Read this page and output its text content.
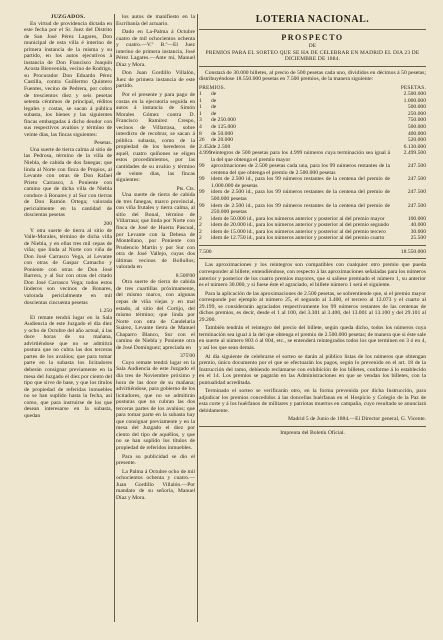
JUZGADOS.

En virtud de providencia dictada en este fecha por el Sr. Juez del Distrito de San José Pérez Lagares, Don municipal de esta villa é interino de primera instancia de la misma y su partido, en los autos ejecutivos á instancia de Don Francisco Joaquín Acosta Bienvenida, vecino de Rodrigo, su Procurador Don Eduardo Pérez Castilla, contra Guillermo Quintero Fuentes, vecino de Pedrera, por cobro de trescientos diez y seis pesetas setenta céntimos de principal, réditos legales y costas, se sacan á pública subasta, los bienes y las siguientes fincas embargadas á dicho deudor con sus respectivos avalúos y término de veinte días, las fincas siguientes:

Pesetas.

Una suerte de tierra calma al sitio de las Pedrosa, término de la villa de Niebla, de cabida de dos fanegas; que linda al Norte con finca de Propios, al Levante con otras de Don Rafael Prieto Carrasco, á Poniente con camino que de dicha villa de Niebla conduce á Bonares y al Sur con tierras de Don Ramón Ortega; valorada pericialmente en la cantidad de doscientas pesetas

200

Y otra suerte de tierra al sitio de Valle-Morales, término de dicha villa de Niebla, y en ellas tres mil cepas de viña; que linda al Norte con viña de Don José Carrasco Vega, al Levante con otras de Gaspar Camacho y Poniente con otras de Don José Barrera, y al Sur con otras del citado Don José Carrasco Vega; todos estos linderos son vecinos de Bonares, valorada pericialmente en mil doscientas cincuenta pesetas

1.250

El remate tendrá lugar en la Sala Audiencia de este Juzgado el día diez y ocho de Octubre del año actual, á las doce horas de su mañana, advirtiéndose que no se admitirá postura que no cubra las dos terceras partes de los avalúos; que para tomar parte en la subasta los licitadores deberán consignar previamente en la mesa del Juzgado el diez por ciento del tipo que sirve de base, y que los títulos de propiedad de referidas inmuebles no se han suplido hasta la fecha, así como, que para instruirse de los que desean interesarse en la subasta, quedan

los autos de manifiesto en la Escribanía del actuario.

Dado en La-Palma á Octubre cuatro de mil ochocientos ochenta y cuatro.—V.º B.º—El Juez interino de primera instancia, José Pérez Lagares.—Ante mí, Manuel Díaz y Mora.

Don Juan Gordillo Villalón, Juez de primera instancia de este partido.

Por el presente y para pago de costas en la ejecutoria seguida en autos á instancia de Simón Morales Gómez contra D. Francisco Ramírez Crespo, vecinos de Villarrasa, sobre interdicto de recobrar, se sacan á pública subasta, como de la propiedad de los herederos de aquél, cuatro quiñones se eligen estos procedimientos, por las cantidades de su avalúo y término de veinte días, las fincas siguientes:

Pts. Cts.

Una suerte de tierra de cabida de tres fanegas, marco provincial, con viña frutales y tierra calma, al sitio del Bonal, término de Villarrasa; que linda por Norte con finca de José de Huerta Pascual, por Levante con la Dehesa de Montellano, por Poniente con Prudencio Martín y por Sur con otra de José Vallejo, cuyas dos últimas vecinos de Bollullos; valorada en

8.500'00

Otra suerte de tierra de cabida de tres cuartillas próximamente, del mismo marco, con algunas cepas de viña viejas y en mal estado, al sitio del Cortijo, del mismo término; que linda por Norte con otra de Candelaria Suárez, Levante tierra de Manuel Chaparro Blanco, Sur con el camino de Niebla y Poniente otra de José Domínguez; apreciada en

375'00

Cuyo remate tendrá lugar en la Sala Audiencia de este Juzgado el día tres de Noviembre próximo y hora de las doce de su mañana; advirtiéndose, para gobierno de los licitadores, que no se admitirán posturas que no cubran las dos terceras partes de los avalúos; que para tomar parte en la subasta hay que consignar previamente y en la mesa del Juzgado el diez por ciento del tipo de aquéllos, y que no se han suplido los títulos de propiedad de referidos inmuebles.

Para su publicidad se dio el presente.

La Palma á Octubre ocho de mil ochocientos ochenta y cuatro.—Juan Gordillo Villalón.—Por mandato de su señoría, Manuel Díaz y Mora.

LOTERIA NACIONAL.
PROSPECTO
DE
PREMIOS PARA EL SORTEO QUE SE HA DE CELEBRAR EN MADRID EL DIA 23 DE DICIEMBRE DE 1884.

Constará de 30.000 billetes, al precio de 500 pesetas cada uno, divididos en décimos á 50 pesetas; distribuyéndose 18.550.000 pesetas en 7.500 premios, de la manera siguiente:

PREMIOS.	PESETAS.
1	de	2.500.000
1	de	1.000.000
1	de	500.000
1	de	250.000
3	de 250.000	750.000
4	de 125.000	500.000
8	de 50.000	400.000
26	de 20.000	520.000
2.452 de 2.500	6.130.000
4.999 reintegros de 500 pesetas para los 4.999 números cuya terminación sea igual á la del que obtenga el premio mayor
2.499.500
99	aproximaciones de 2.500 pesetas cada una, para los 99 números restantes de la centena del que obtenga el premio de 2.500.000 pesetas
247.500
99	idem de 2.500 id., para los 99 números restantes de la centena del premio de 1.000.000 de pesetas
247.500
99	idem de 2.500 id., para los 99 números restantes de la centena del premio de 500.000 pesetas
247.500
99	idem de 2.500 id., para los 99 números restantes de la centena del premio de 250.000 pesetas
247.500
2	idem de 50.000 id., para los números anterior y posterior al del premio mayor	100.000
2	idem de 20.000 id., para los números anterior y posterior al del premio segundo	40.000
2	idem de 15.000 id., para los números anterior y posterior al del premio tercero	30.000
2	idem de 12.750 id., para los números anterior y posterior al del premio cuarto	25.500
7.500	18.550.000

Las aproximaciones y los reintegros son compatibles con cualquier otro premio que pueda corresponder al billete; entendiéndose, con respecto á las aproximaciones señaladas para los números anterior y posterior de los cuatro premios mayores, que si saliese premiado el número 1, su anterior es el número 30.000, y si fuese éste el agraciado, el billete número 1 será el siguiente.

Para la aplicación de las aproximaciones de 2.500 pesetas, se sobrentiende que, si el premio mayor corresponde por ejemplo al número 25, el segundo al 3.400, el tercero al 13.073 y el cuarto al 29.199, se considerarán agraciados respectivamente los 99 números restantes de las centenas de dichos premios, es decir, desde el 1 al 100, del 3.301 al 3.400, del 13.001 al 13.100 y del 29.101 al 29.200.

También tendrán el reintegro del precio del billete, según queda dicho, todos los números cuya terminación sea igual á la del que obtenga el premio de 2.500.000 pesetas; de manera que si éste sale en suerte al número 803 ó al 804, etc., se entenderá reintegrados todos los que terminen en 3 ó en 4, y así los que sean demás.

Al día siguiente de celebrarse el sorteo se darán al público listas de los números que obtengan premio, único documento por el que se efectuarán los pagos, según lo prevenido en el art. 18 de la Instrucción del ramo, debiendo reclamarse con exhibición de los billetes, conforme á lo establecido en el 14. Los premios se pagarán en las Administraciones en que se vendan los billetes, con la puntualidad acreditada.

Terminado el sorteo se verificarán otro, en la forma prevenida por dicha Instrucción, para adjudicar los premios concedidos á las doncellas huérfanas en el Hospicio y Colegio de la Paz de esta corte y á los huérfanos de militares y patriotas muertos en campaña, cuyo resultado se anunciará debidamente.

Madrid 5 de Junio de 1884.—El Director general, G. Vicente.

Imprenta del Boletín Oficial.
